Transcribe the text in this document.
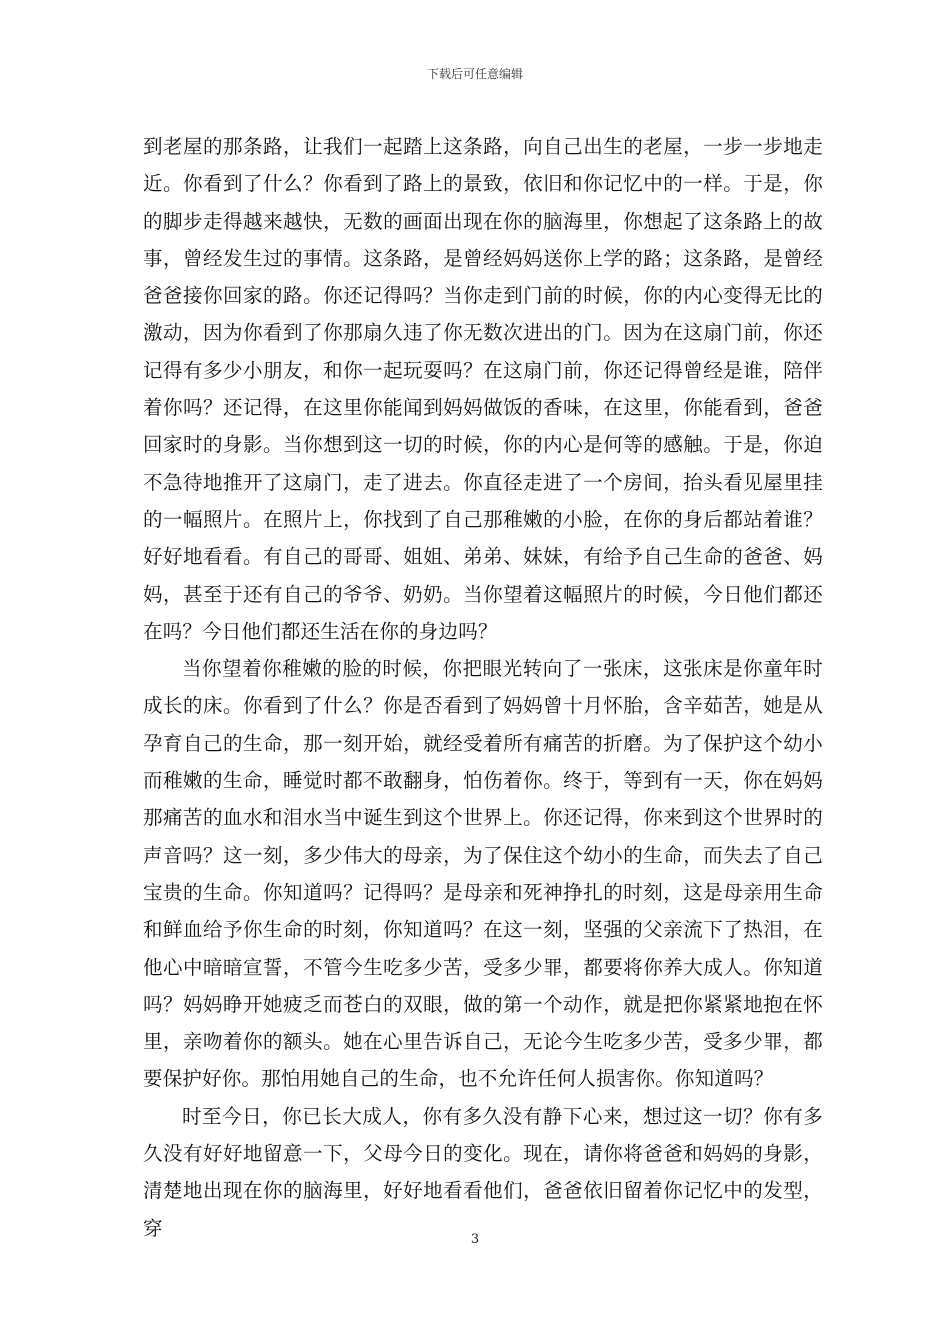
下载后可任意编辑

到老屋的那条路，让我们一起踏上这条路，向自己出生的老屋，一步一步地走近。你看到了什么？你看到了路上的景致，依旧和你记忆中的一样。于是，你的脚步走得越来越快，无数的画面出现在你的脑海里，你想起了这条路上的故事，曾经发生过的事情。这条路，是曾经妈妈送你上学的路；这条路，是曾经爸爸接你回家的路。你还记得吗？当你走到门前的时候，你的内心变得无比的激动，因为你看到了你那扇久违了你无数次进出的门。因为在这扇门前，你还记得有多少小朋友，和你一起玩耍吗？在这扇门前，你还记得曾经是谁，陪伴着你吗？还记得，在这里你能闻到妈妈做饭的香味，在这里，你能看到，爸爸回家时的身影。当你想到这一切的时候，你的内心是何等的感触。于是，你迫不急待地推开了这扇门，走了进去。你直径走进了一个房间，抬头看见屋里挂的一幅照片。在照片上，你找到了自己那稚嫩的小脸，在你的身后都站着谁？好好地看看。有自己的哥哥、姐姐、弟弟、妹妹，有给予自己生命的爸爸、妈妈，甚至于还有自己的爷爷、奶奶。当你望着这幅照片的时候，今日他们都还在吗？今日他们都还生活在你的身边吗？

当你望着你稚嫩的脸的时候，你把眼光转向了一张床，这张床是你童年时成长的床。你看到了什么？你是否看到了妈妈曾十月怀胎，含辛茹苦，她是从孕育自己的生命，那一刻开始，就经受着所有痛苦的折磨。为了保护这个幼小而稚嫩的生命，睡觉时都不敢翻身，怕伤着你。终于，等到有一天，你在妈妈那痛苦的血水和泪水当中诞生到这个世界上。你还记得，你来到这个世界时的声音吗？这一刻，多少伟大的母亲，为了保住这个幼小的生命，而失去了自己宝贵的生命。你知道吗？记得吗？是母亲和死神挣扎的时刻，这是母亲用生命和鲜血给予你生命的时刻，你知道吗？在这一刻，坚强的父亲流下了热泪，在他心中暗暗宣誓，不管今生吃多少苦，受多少罪，都要将你养大成人。你知道吗？妈妈睁开她疲乏而苍白的双眼，做的第一个动作，就是把你紧紧地抱在怀里，亲吻着你的额头。她在心里告诉自己，无论今生吃多少苦，受多少罪，都要保护好你。那怕用她自己的生命，也不允许任何人损害你。你知道吗？

时至今日，你已长大成人，你有多久没有静下心来，想过这一切？你有多久没有好好地留意一下，父母今日的变化。现在，请你将爸爸和妈妈的身影，清楚地出现在你的脑海里，好好地看看他们，爸爸依旧留着你记忆中的发型，穿	3
